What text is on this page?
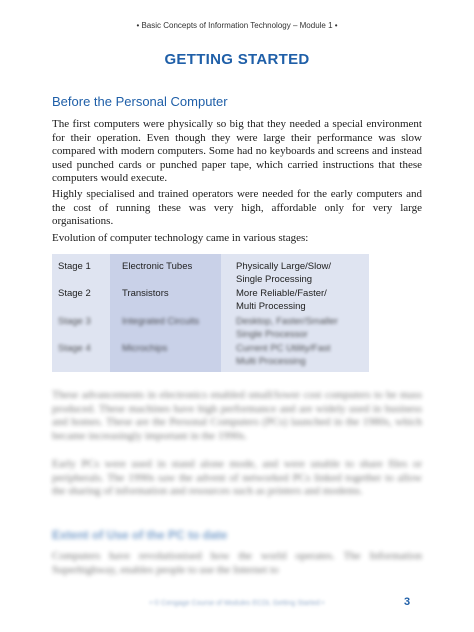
• Basic Concepts of Information Technology – Module 1 •
GETTING STARTED
Before the Personal Computer

The first computers were physically so big that they needed a special environment for their operation. Even though they were large their performance was slow compared with modern computers. Some had no keyboards and screens and instead used punched cards or punched paper tape, which carried instructions that these computers would execute.

Highly specialised and trained operators were needed for the early computers and the cost of running these was very high, affordable only for very large organisations.

Evolution of computer technology came in various stages:

Stage 1	Electronic Tubes	Physically Large/Slow/
Single Processing
Stage 2	Transistors	More Reliable/Faster/
Multi Processing
Stage 3	Integrated Circuits	Desktop, Faster/Smaller
Single Processor
Stage 4	Microchips	Current PC Utility/Fast
Multi Processing

These advancements in electronics enabled small/lower cost computers to be mass produced. These machines have high performance and are widely used in business and homes. These are the Personal Computers (PCs) launched in the 1980s, which became increasingly important in the 1990s.

Early PCs were used in stand alone mode, and were unable to share files or peripherals. The 1990s saw the advent of networked PCs linked together to allow the sharing of information and resources such as printers and modems.

Extent of Use of the PC to date

Computers have revolutionised how the world operates. The Information Superhighway, enables people to use the Internet to

• © Cengage Course of Modules ECDL Getting Started •	3
